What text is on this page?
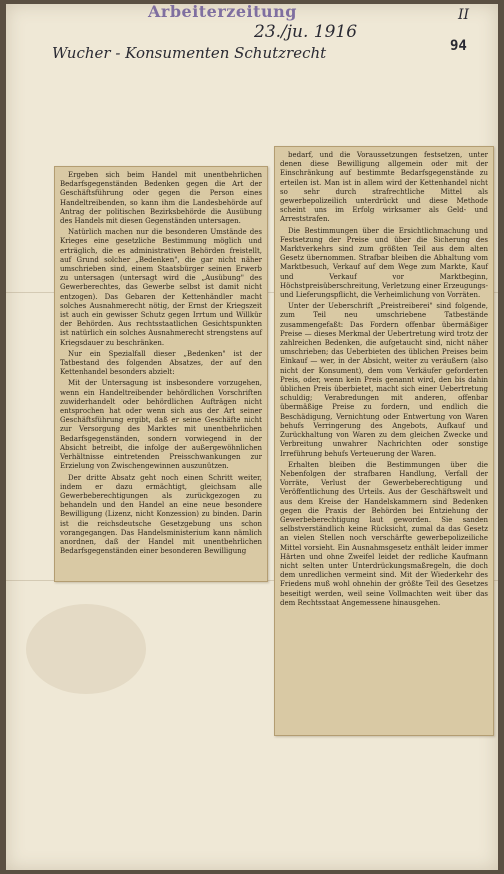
Arbeiterzeitung
23./ju. 1916
Wucher - Konsumenten Schutzrecht
II
94

Ergeben sich beim Handel mit unentbehrlichen Bedarfsgegenständen Bedenken gegen die Art der Geschäftsführung oder gegen die Person eines Handeltreibenden, so kann ihm die Landesbehörde auf Antrag der politischen Bezirksbehörde die Ausübung des Handels mit diesen Gegenständen untersagen.

Natürlich machen nur die besonderen Umstände des Krieges eine gesetzliche Bestimmung möglich und erträglich, die es administrativen Behörden freistellt, auf Grund solcher „Bedenken", die gar nicht näher umschrieben sind, einem Staatsbürger seinen Erwerb zu untersagen (untersagt wird die „Ausübung" des Gewerberechtes, das Gewerbe selbst ist damit nicht entzogen). Das Gebaren der Kettenhändler macht solches Ausnahmerecht nötig, der Ernst der Kriegszeit ist auch ein gewisser Schutz gegen Irrtum und Willkür der Behörden. Aus rechtsstaatlichen Gesichtspunkten ist natürlich ein solches Ausnahmerecht strengstens auf Kriegsdauer zu beschränken.

Nur ein Spezialfall dieser „Bedenken" ist der Tatbestand des folgenden Absatzes, der auf den Kettenhandel besonders abzielt:

Mit der Untersagung ist insbesondere vorzugehen, wenn ein Handeltreibender behördlichen Vorschriften zuwiderhandelt oder behördlichen Aufträgen nicht entsprochen hat oder wenn sich aus der Art seiner Geschäftsführung ergibt, daß er seine Geschäfte nicht zur Versorgung des Marktes mit unentbehrlichen Bedarfsgegenständen, sondern vorwiegend in der Absicht betreibt, die infolge der außergewöhnlichen Verhältnisse eintretenden Preisschwankungen zur Erzielung von Zwischengewinnen auszunützen.

Der dritte Absatz geht noch einen Schritt weiter, indem er dazu ermächtigt, gleichsam alle Gewerbeberechtigungen als zurückgezogen zu behandeln und den Handel an eine neue besondere Bewilligung (Lizenz, nicht Konzession) zu binden. Darin ist die reichsdeutsche Gesetzgebung uns schon vorangegangen. Das Handelsministerium kann nämlich anordnen, daß der Handel mit unentbehrlichen Bedarfsgegenständen einer besonderen Bewilligung

bedarf, und die Voraussetzungen festsetzen, unter denen diese Bewilligung allgemein oder mit der Einschränkung auf bestimmte Bedarfsgegenstände zu erteilen ist. Man ist in allem wird der Kettenhandel nicht so sehr durch strafrechtliche Mittel als gewerbepolizeilich unterdrückt und diese Methode scheint uns im Erfolg wirksamer als Geld- und Arreststrafen.

Die Bestimmungen über die Ersichtlichmachung und Festsetzung der Preise und über die Sicherung des Marktverkehrs sind zum größten Teil aus dem alten Gesetz übernommen. Strafbar bleiben die Abhaltung vom Marktbesuch, Verkauf auf dem Wege zum Markte, Kauf und Verkauf vor Marktbeginn, Höchstpreisüberschreitung, Verletzung einer Erzeugungs- und Lieferungspflicht, die Verheimlichung von Vorräten.

Unter der Ueberschrift „Preistreiberei" sind folgende, zum Teil neu umschriebene Tatbestände zusammengefaßt: Das Fordern offenbar übermäßiger Preise — dieses Merkmal der Uebertretung wird trotz der zahlreichen Bedenken, die aufgetaucht sind, nicht näher umschrieben; das Ueberbieten des üblichen Preises beim Einkauf — wer, in der Absicht, weiter zu veräußern (also nicht der Konsument), dem vom Verkäufer geforderten Preis, oder, wenn kein Preis genannt wird, den bis dahin üblichen Preis überbietet, macht sich einer Uebertretung schuldig; Verabredungen mit anderen, offenbar übermäßige Preise zu fordern, und endlich die Beschädigung, Vernichtung oder Entwertung von Waren behufs Verringerung des Angebots, Aufkauf und Zurückhaltung von Waren zu dem gleichen Zwecke und Verbreitung unwahrer Nachrichten oder sonstige Irreführung behufs Verteuerung der Waren.

Erhalten bleiben die Bestimmungen über die Nebenfolgen der strafbaren Handlung, Verfall der Vorräte, Verlust der Gewerbeberechtigung und Veröffentlichung des Urteils. Aus der Geschäftswelt und aus dem Kreise der Handelskammern sind Bedenken gegen die Praxis der Behörden bei Entziehung der Gewerbeberechtigung laut geworden. Sie sanden selbstverständlich keine Rücksicht, zumal da das Gesetz an vielen Stellen noch verschärfte gewerbepolizeiliche Mittel vorsieht. Ein Ausnahmsgesetz enthält leider immer Härten und ohne Zweifel leidet der redliche Kaufmann nicht selten unter Unterdrückungsmaßregeln, die doch dem unredlichen vermeint sind. Mit der Wiederkehr des Friedens muß wohl ohnehin der größte Teil des Gesetzes beseitigt werden, weil seine Vollmachten weit über das dem Rechtsstaat Angemessene hinausgehen.
